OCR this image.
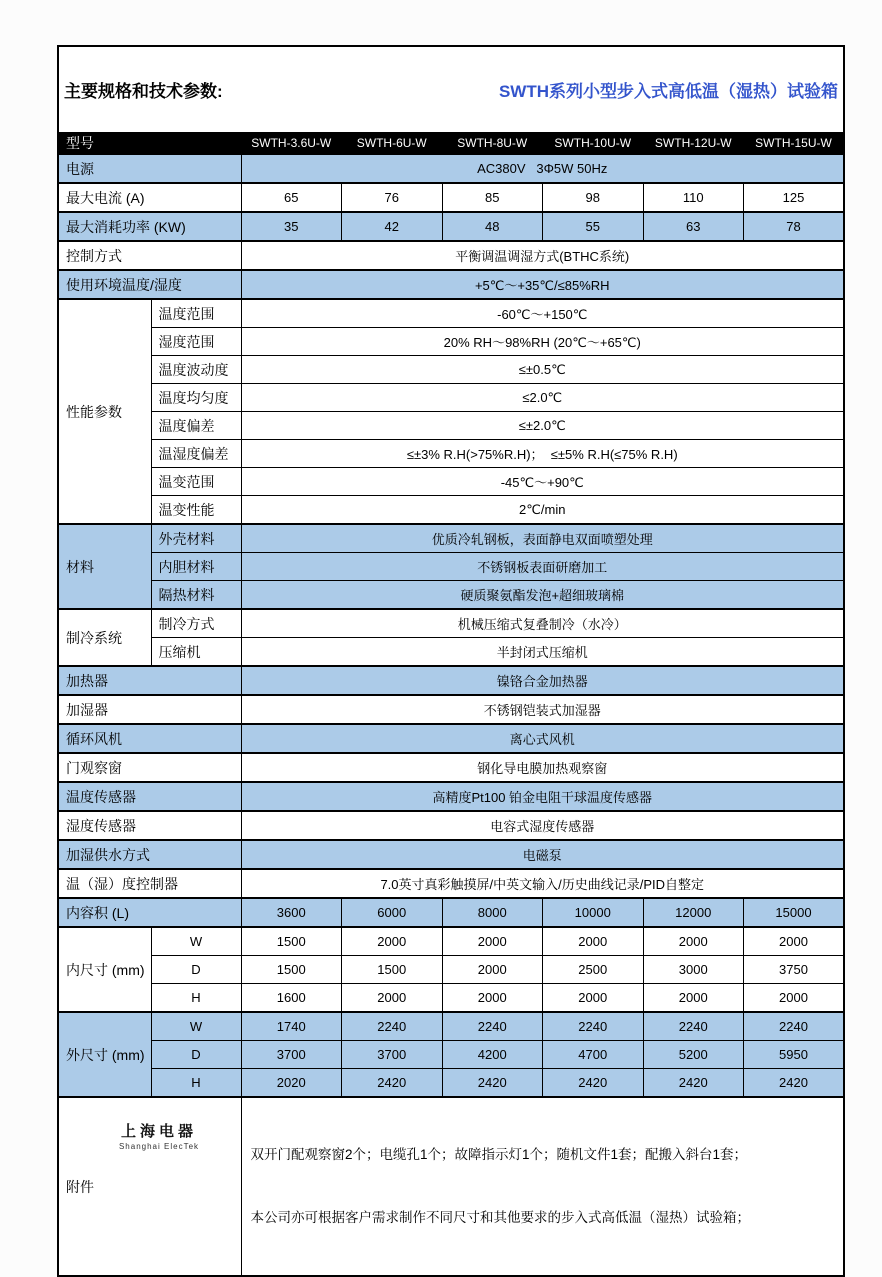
主要规格和技术参数: SWTH系列小型步入式高低温（湿热）试验箱							

型号		SWTH-3.6U-W	SWTH-6U-W	SWTH-8U-W	SWTH-10U-W	SWTH-12U-W	SWTH-15U-W
电源		AC380V   3Φ5W 50Hz					
最大电流 (A)		65	76	85	98	110	125
最大消耗功率 (KW)		35	42	48	55	63	78
控制方式		平衡调温调湿方式(BTHC系统)					
使用环境温度/湿度		+5℃～+35℃/≤85%RH					
性能参数	温度范围	-60℃～+150℃					
	湿度范围	20% RH～98%RH (20℃～+65℃)					
	温度波动度	≤±0.5℃					
	温度均匀度	≤2.0℃					
	温度偏差	≤±2.0℃					
	温湿度偏差	≤±3% R.H(>75%R.H)；  ≤±5% R.H(≤75% R.H)					
	温变范围	-45℃～+90℃					
	温变性能	2℃/min					
材料	外壳材料	优质冷轧钢板，表面静电双面喷塑处理					
	内胆材料	不锈钢板表面研磨加工					
	隔热材料	硬质聚氨酯发泡+超细玻璃棉					
制冷系统	制冷方式	机械压缩式复叠制冷（水冷）					
	压缩机	半封闭式压缩机					
加热器		镍铬合金加热器					
加湿器		不锈钢铠装式加湿器					
循环风机		离心式风机					
门观察窗		钢化导电膜加热观察窗					
温度传感器		高精度Pt100 铂金电阻干球温度传感器					
湿度传感器		电容式湿度传感器					
加湿供水方式		电磁泵					
温（湿）度控制器		7.0英寸真彩触摸屏/中英文输入/历史曲线记录/PID自整定					
内容积 (L)		3600	6000	8000	10000	12000	15000
内尺寸 (mm)	W	1500	2000	2000	2000	2000	2000
	D	1500	1500	2000	2500	3000	3750
	H	1600	2000	2000	2000	2000	2000
外尺寸 (mm)	W	1740	2240	2240	2240	2240	2240
	D	3700	3700	4200	4700	5200	5950
	H	2020	2420	2420	2420	2420	2420
附件		双开门配观察窗2个；电缆孔1个；故障指示灯1个；随机文件1套；配搬入斜台1套；

本公司亦可根据客户需求制作不同尺寸和其他要求的步入式高低温（湿热）试验箱；					

上海电器
Shanghai ElecTek
